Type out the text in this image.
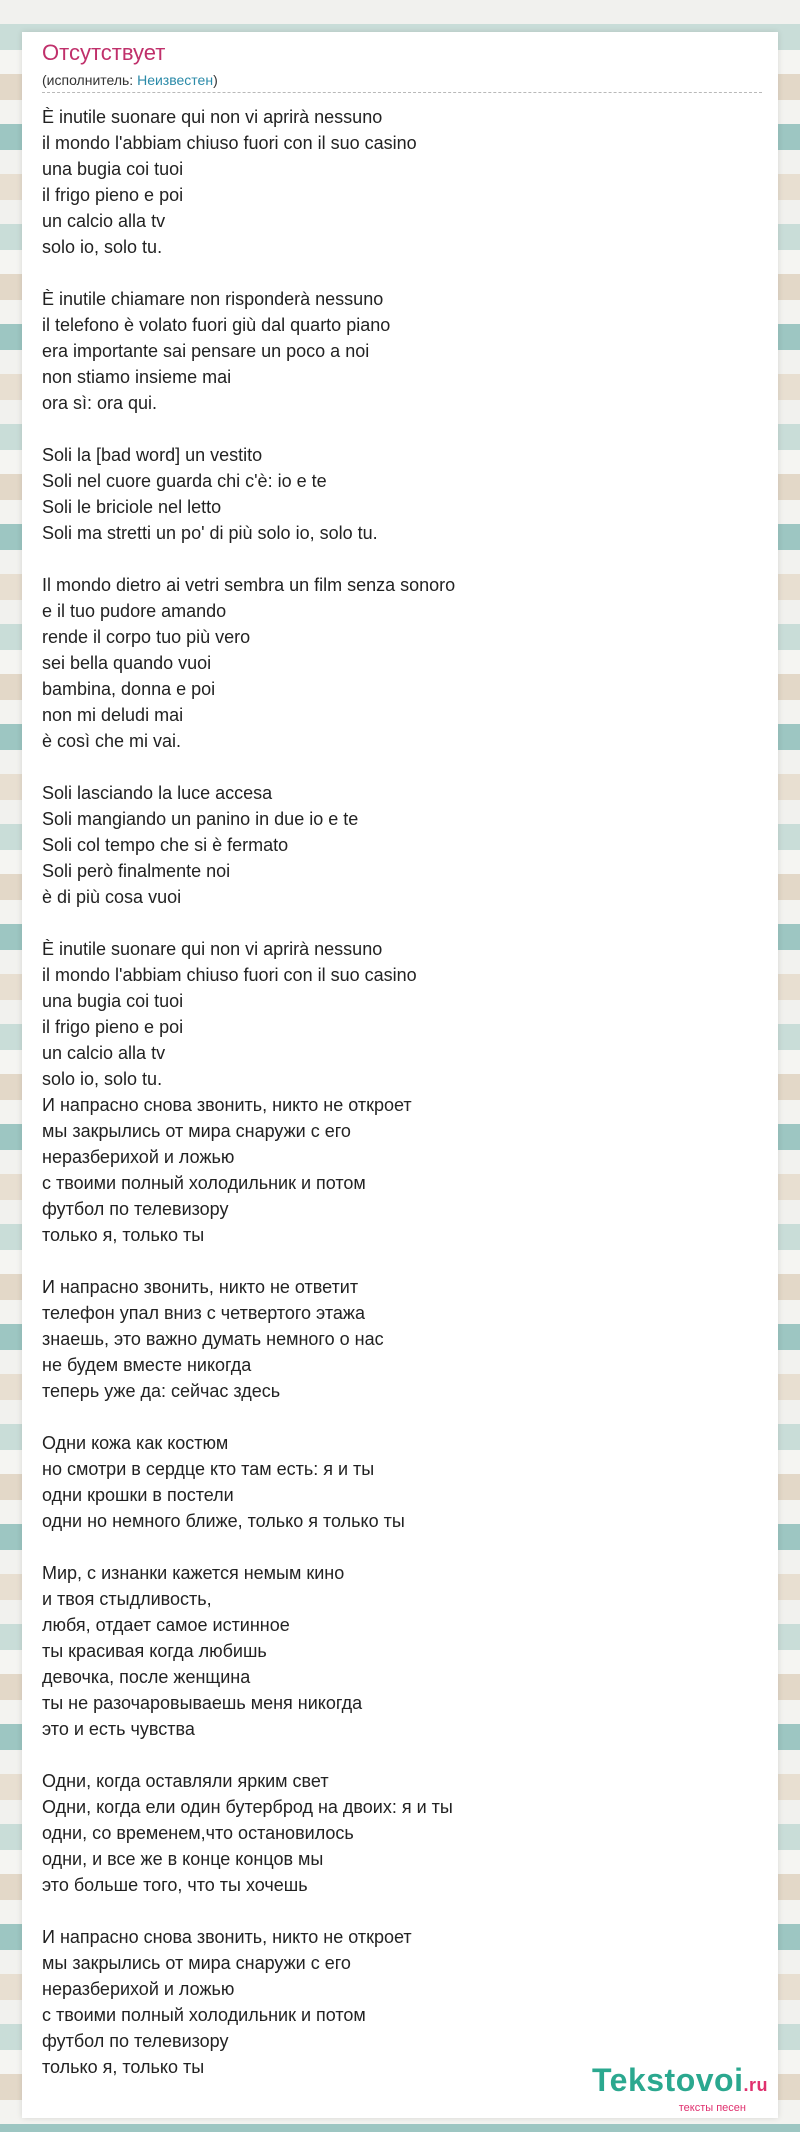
Отсутствует
(исполнитель: Неизвестен)
È inutile suonare qui non vi aprirà nessuno
il mondo l'abbiam chiuso fuori con il suo casino
una bugia coi tuoi
il frigo pieno e poi
un calcio alla tv
solo io, solo tu.
È inutile chiamare non risponderà nessuno
il telefono è volato fuori giù dal quarto piano
era importante sai pensare un poco a noi
non stiamo insieme mai
ora sì: ora qui.
Soli la [bad word] un vestito
Soli nel cuore guarda chi c'è: io e te
Soli le briciole nel letto
Soli ma stretti un po' di più solo io, solo tu.
Il mondo dietro ai vetri sembra un film senza sonoro
e il tuo pudore amando
rende il corpo tuo più vero
sei bella quando vuoi
bambina, donna e poi
non mi deludi mai
è così che mi vai.
Soli lasciando la luce accesa
Soli mangiando un panino in due io e te
Soli col tempo che si è fermato
Soli però finalmente noi
è di più cosa vuoi
È inutile suonare qui non vi aprirà nessuno
il mondo l'abbiam chiuso fuori con il suo casino
una bugia coi tuoi
il frigo pieno e poi
un calcio alla tv
solo io, solo tu.
И напрасно снова звонить, никто не откроет
мы закрылись от мира снаружи с его
неразберихой и ложью
с твоими полный холодильник и потом
футбол по телевизору
только я, только ты
И напрасно звонить, никто не ответит
телефон упал вниз с четвертого этажа
знаешь, это важно думать немного о нас
не будем вместе никогда
теперь уже да: сейчас здесь
Одни кожа как костюм
но смотри в сердце кто там есть: я и ты
одни крошки в постели
одни но немного ближе, только я только ты
Мир, с изнанки кажется немым кино
и твоя стыдливость,
любя, отдает самое истинное
ты красивая когда любишь
девочка, после женщина
ты не разочаровываешь меня никогда
это и есть чувства
Одни, когда оставляли ярким свет
Одни, когда ели один бутерброд на двоих: я и ты
одни, со временем,что остановилось
одни, и все же в конце концов мы
это больше того, что ты хочешь
И напрасно снова звонить, никто не откроет
мы закрылись от мира снаружи с его
неразберихой и ложью
с твоими полный холодильник и потом
футбол по телевизору
только я, только ты	Tekstovoi.ru
тексты песен
